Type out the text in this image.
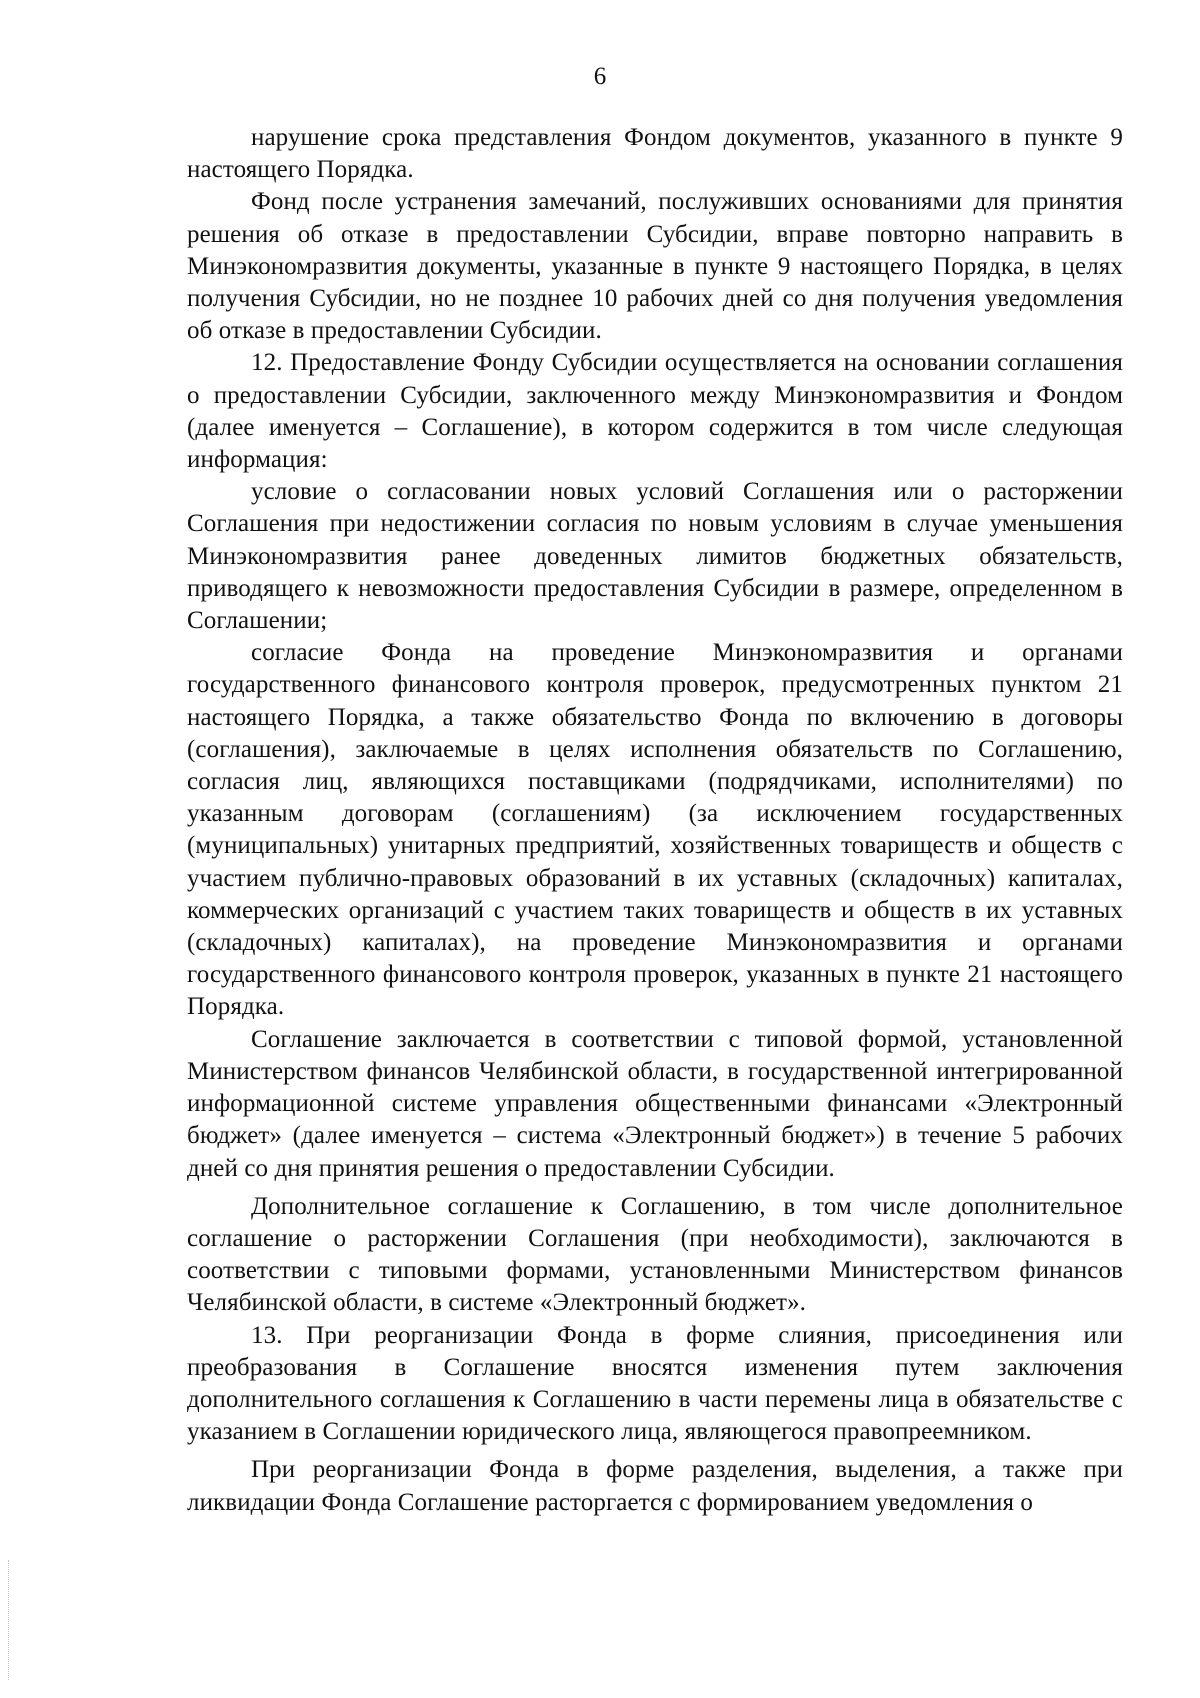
6

нарушение срока представления Фондом документов, указанного в пункте 9 настоящего Порядка.

Фонд после устранения замечаний, послуживших основаниями для принятия решения об отказе в предоставлении Субсидии, вправе повторно направить в Минэкономразвития документы, указанные в пункте 9 настоящего Порядка, в целях получения Субсидии, но не позднее 10 рабочих дней со дня получения уведомления об отказе в предоставлении Субсидии.

12. Предоставление Фонду Субсидии осуществляется на основании соглашения о предоставлении Субсидии, заключенного между Минэкономразвития и Фондом (далее именуется – Соглашение), в котором содержится в том числе следующая информация:

условие о согласовании новых условий Соглашения или о расторжении Соглашения при недостижении согласия по новым условиям в случае уменьшения Минэкономразвития ранее доведенных лимитов бюджетных обязательств, приводящего к невозможности предоставления Субсидии в размере, определенном в Соглашении;

согласие Фонда на проведение Минэкономразвития и органами государственного финансового контроля проверок, предусмотренных пунктом 21 настоящего Порядка, а также обязательство Фонда по включению в договоры (соглашения), заключаемые в целях исполнения обязательств по Соглашению, согласия лиц, являющихся поставщиками (подрядчиками, исполнителями) по указанным договорам (соглашениям) (за исключением государственных (муниципальных) унитарных предприятий, хозяйственных товариществ и обществ с участием публично-правовых образований в их уставных (складочных) капиталах, коммерческих организаций с участием таких товариществ и обществ в их уставных (складочных) капиталах), на проведение Минэкономразвития и органами государственного финансового контроля проверок, указанных в пункте 21 настоящего Порядка.

Соглашение заключается в соответствии с типовой формой, установленной Министерством финансов Челябинской области, в государственной интегрированной информационной системе управления общественными финансами «Электронный бюджет» (далее именуется – система «Электронный бюджет») в течение 5 рабочих дней со дня принятия решения о предоставлении Субсидии.

Дополнительное соглашение к Соглашению, в том числе дополнительное соглашение о расторжении Соглашения (при необходимости), заключаются в соответствии с типовыми формами, установленными Министерством финансов Челябинской области, в системе «Электронный бюджет».

13. При реорганизации Фонда в форме слияния, присоединения или преобразования в Соглашение вносятся изменения путем заключения дополнительного соглашения к Соглашению в части перемены лица в обязательстве с указанием в Соглашении юридического лица, являющегося правопреемником.

При реорганизации Фонда в форме разделения, выделения, а также при ликвидации Фонда Соглашение расторгается с формированием уведомления о
